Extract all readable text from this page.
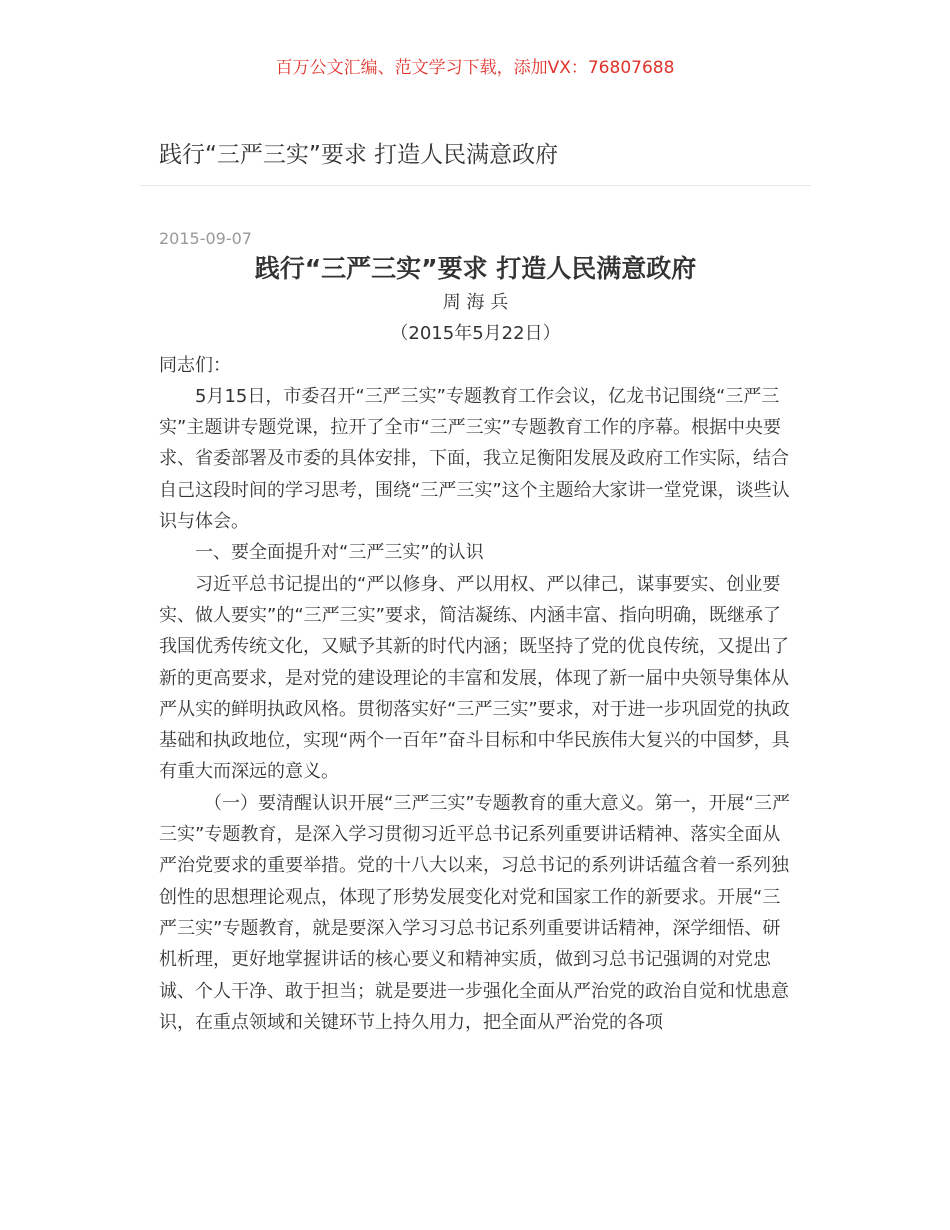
百万公文汇编、范文学习下载，添加VX：76807688

践行“三严三实”要求 打造人民满意政府
2015-09-07
践行“三严三实”要求 打造人民满意政府

周 海 兵

（2015年5月22日）

同志们：

5月15日，市委召开“三严三实”专题教育工作会议，亿龙书记围绕“三严三实”主题讲专题党课，拉开了全市“三严三实”专题教育工作的序幕。根据中央要求、省委部署及市委的具体安排，下面，我立足衡阳发展及政府工作实际，结合自己这段时间的学习思考，围绕“三严三实”这个主题给大家讲一堂党课，谈些认识与体会。

一、要全面提升对“三严三实”的认识

习近平总书记提出的“严以修身、严以用权、严以律己，谋事要实、创业要实、做人要实”的“三严三实”要求，简洁凝练、内涵丰富、指向明确，既继承了我国优秀传统文化，又赋予其新的时代内涵；既坚持了党的优良传统，又提出了新的更高要求，是对党的建设理论的丰富和发展，体现了新一届中央领导集体从严从实的鲜明执政风格。贯彻落实好“三严三实”要求，对于进一步巩固党的执政基础和执政地位，实现“两个一百年”奋斗目标和中华民族伟大复兴的中国梦，具有重大而深远的意义。

（一）要清醒认识开展“三严三实”专题教育的重大意义。第一，开展“三严三实”专题教育，是深入学习贯彻习近平总书记系列重要讲话精神、落实全面从严治党要求的重要举措。党的十八大以来，习总书记的系列讲话蕴含着一系列独创性的思想理论观点，体现了形势发展变化对党和国家工作的新要求。开展“三严三实”专题教育，就是要深入学习习总书记系列重要讲话精神，深学细悟、研机析理，更好地掌握讲话的核心要义和精神实质，做到习总书记强调的对党忠诚、个人干净、敢于担当；就是要进一步强化全面从严治党的政治自觉和忧患意识，在重点领域和关键环节上持久用力，把全面从严治党的各项
